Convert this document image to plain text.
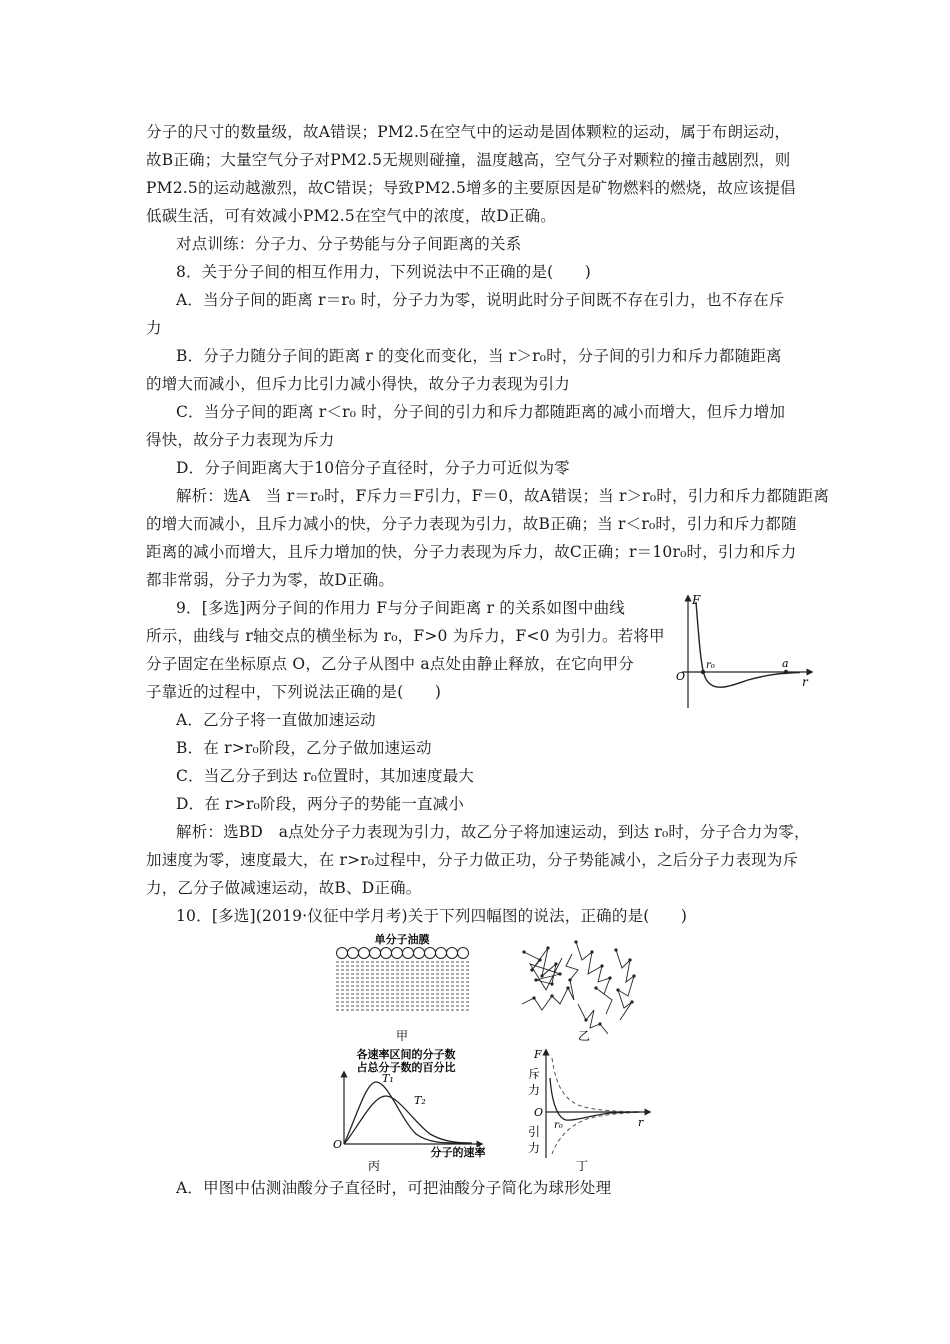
分子的尺寸的数量级，故A错误；PM2.5在空气中的运动是固体颗粒的运动，属于布朗运动，
故B正确；大量空气分子对PM2.5无规则碰撞，温度越高，空气分子对颗粒的撞击越剧烈，则
PM2.5的运动越激烈，故C错误；导致PM2.5增多的主要原因是矿物燃料的燃烧，故应该提倡
低碳生活，可有效减小PM2.5在空气中的浓度，故D正确。
对点训练：分子力、分子势能与分子间距离的关系
8．关于分子间的相互作用力，下列说法中不正确的是(　　)
A．当分子间的距离 r＝r₀ 时，分子力为零，说明此时分子间既不存在引力，也不存在斥
力
B．分子力随分子间的距离 r 的变化而变化，当 r＞r₀时，分子间的引力和斥力都随距离
的增大而减小，但斥力比引力减小得快，故分子力表现为引力
C．当分子间的距离 r＜r₀ 时，分子间的引力和斥力都随距离的减小而增大，但斥力增加
得快，故分子力表现为斥力
D．分子间距离大于10倍分子直径时，分子力可近似为零
解析：选A　当 r＝r₀时，F斥力＝F引力，F＝0，故A错误；当 r＞r₀时，引力和斥力都随距离
的增大而减小，且斥力减小的快，分子力表现为引力，故B正确；当 r＜r₀时，引力和斥力都随
距离的减小而增大，且斥力增加的快，分子力表现为斥力，故C正确；r＝10r₀时，引力和斥力
都非常弱，分子力为零，故D正确。
9．[多选]两分子间的作用力 F与分子间距离 r 的关系如图中曲线
所示，曲线与 r轴交点的横坐标为 r₀，F>0 为斥力，F<0 为引力。若将甲
分子固定在坐标原点 O，乙分子从图中 a点处由静止释放，在它向甲分
子靠近的过程中，下列说法正确的是(　　)
A．乙分子将一直做加速运动
B．在 r>r₀阶段，乙分子做加速运动
C．当乙分子到达 r₀位置时，其加速度最大
D．在 r>r₀阶段，两分子的势能一直减小
解析：选BD　a点处分子力表现为引力，故乙分子将加速运动，到达 r₀时，分子合力为零，
加速度为零，速度最大，在 r>r₀过程中，分子力做正功，分子势能减小，之后分子力表现为斥
力，乙分子做减速运动，故B、D正确。
10．[多选](2019·仪征中学月考)关于下列四幅图的说法，正确的是(　　)
A．甲图中估测油酸分子直径时，可把油酸分子简化为球形处理
F
r
O
r₀	a
单分子油膜
甲	乙
各速率区间的分子数
占总分子数的百分比
T₁
T₂
O
分子的速率
丙
F
斥
力
O
引
力
r₀	r
丁
